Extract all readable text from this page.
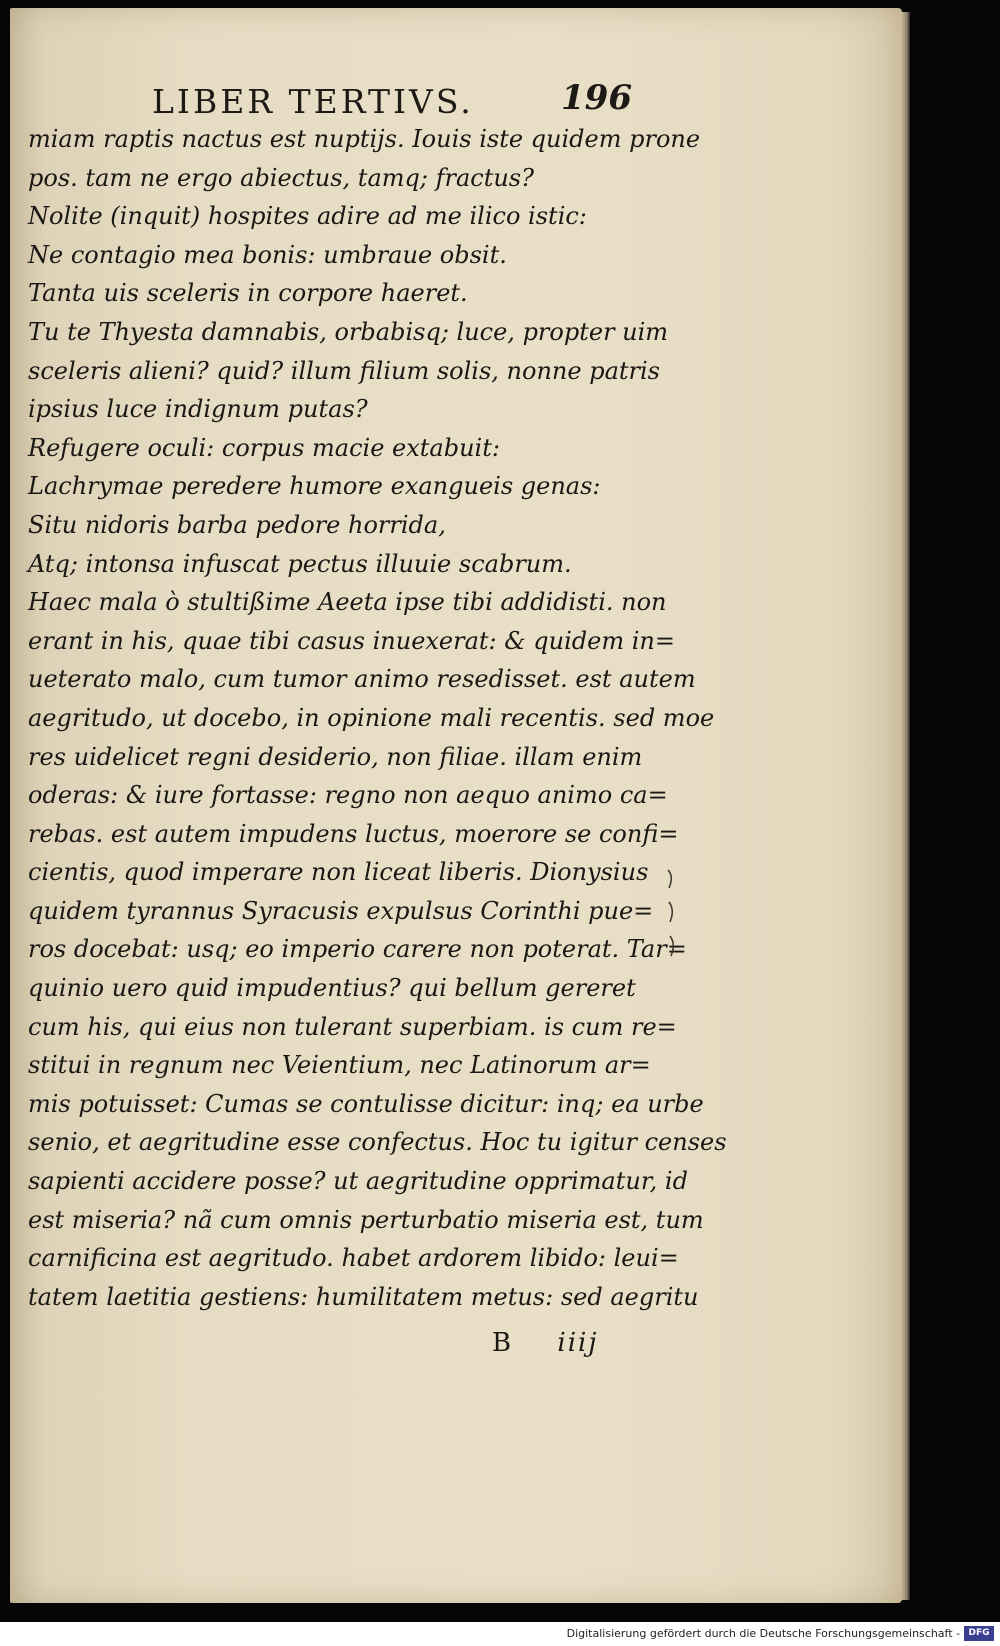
LIBER TERTIVS.	196
miam raptis nactus est nuptijs. Iouis iste quidem prone
pos. tam ne ergo abiectus, tamq; fractus?
Nolite (inquit) hospites adire ad me ilico istic:
Ne contagio mea bonis: umbraue obsit.
Tanta uis sceleris in corpore haeret.
Tu te Thyesta damnabis, orbabisq; luce, propter uim
sceleris alieni? quid? illum filium solis, nonne patris
ipsius luce indignum putas?
Refugere oculi: corpus macie extabuit:
Lachrymae peredere humore exangueis genas:
Situ nidoris barba pedore horrida,
Atq; intonsa infuscat pectus illuuie scabrum.
Haec mala ò stultißime Aeeta ipse tibi addidisti. non
erant in his, quae tibi casus inuexerat: & quidem in=
ueterato malo, cum tumor animo resedisset. est autem
aegritudo, ut docebo, in opinione mali recentis. sed moe
res uidelicet regni desiderio, non filiae. illam enim
oderas: & iure fortasse: regno non aequo animo ca=
rebas. est autem impudens luctus, moerore se confi=
cientis, quod imperare non liceat liberis. Dionysius
quidem tyrannus Syracusis expulsus Corinthi pue=
ros docebat: usq; eo imperio carere non poterat. Tar=
quinio uero quid impudentius? qui bellum gereret
cum his, qui eius non tulerant superbiam. is cum re=
stitui in regnum nec Veientium, nec Latinorum ar=
mis potuisset: Cumas se contulisse dicitur: inq; ea urbe
senio, et aegritudine esse confectus. Hoc tu igitur censes
sapienti accidere posse? ut aegritudine opprimatur, id
est miseria? nã cum omnis perturbatio miseria est, tum
carnificina est aegritudo. habet ardorem libido: leui=
tatem laetitia gestiens: humilitatem metus: sed aegritu
B iiij
Digitalisierung gefördert durch die Deutsche Forschungsgemeinschaft - DFG
